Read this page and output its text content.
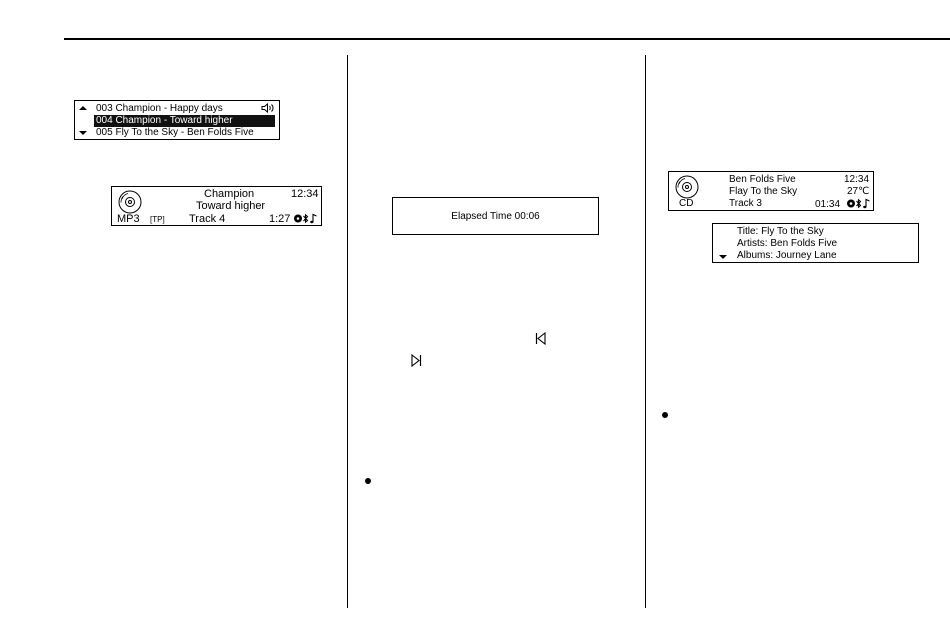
003 Champion - Happy days
004 Champion - Toward higher
005 Fly To the Sky - Ben Folds Five
Champion	12:34
Toward higher
MP3 [TP] Track 4	1:27	Elapsed Time 00:06
Ben Folds Five	12:34
Flay To the Sky	27℃
CD	Track 3	01:34
Title: Fly To the Sky
Artists: Ben Folds Five
Albums: Journey Lane
